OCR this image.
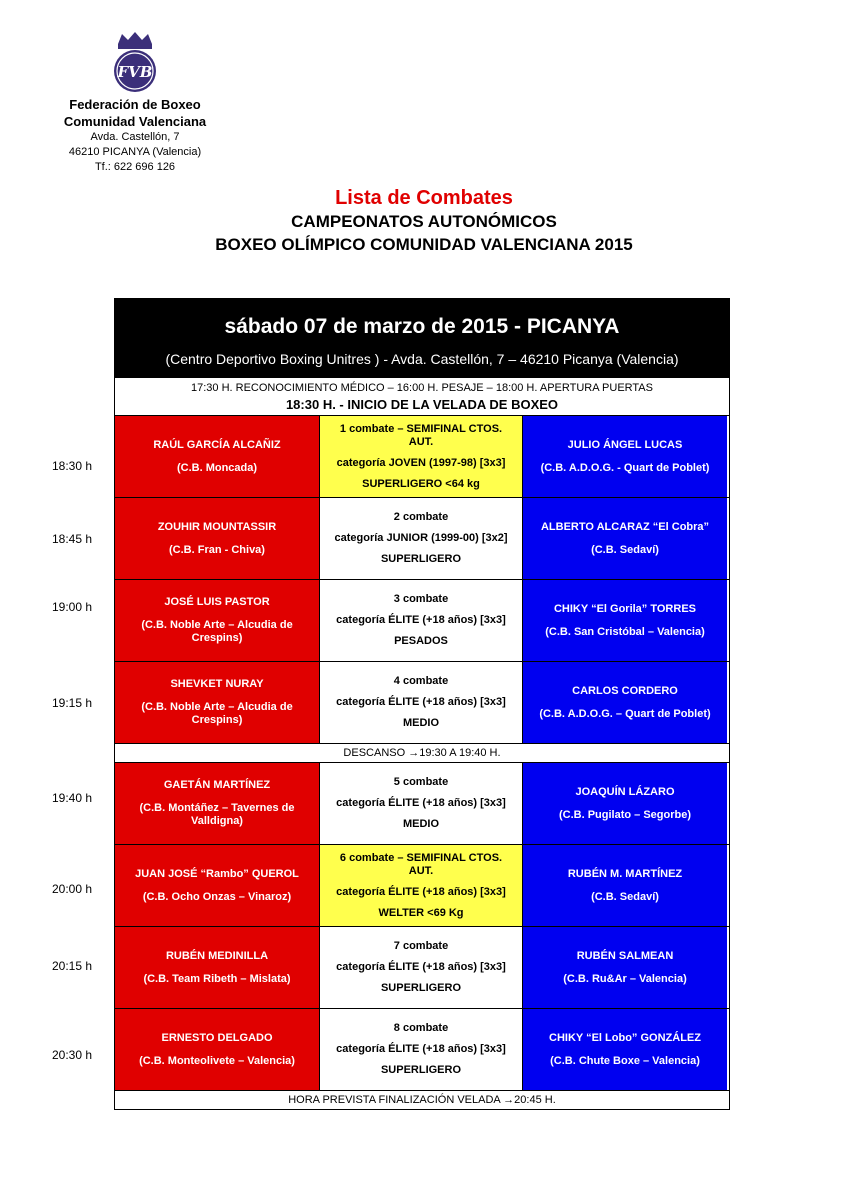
FVB
Federación de Boxeo
Comunidad Valenciana
Avda. Castellón, 7
46210 PICANYA (Valencia)
Tf.: 622 696 126
Lista de Combates
CAMPEONATOS AUTONÓMICOS
BOXEO OLÍMPICO COMUNIDAD VALENCIANA 2015
sábado 07 de marzo de 2015 - PICANYA
(Centro Deportivo Boxing Unitres ) - Avda. Castellón, 7 – 46210 Picanya (Valencia)
17:30 H. RECONOCIMIENTO MÉDICO – 16:00 H. PESAJE – 18:00 H. APERTURA PUERTAS
18:30 H. - INICIO DE LA VELADA DE BOXEO
RAÚL GARCÍA ALCAÑIZ
(C.B. Moncada)
1 combate – SEMIFINAL CTOS. AUT.
categoría JOVEN (1997-98) [3x3]
SUPERLIGERO <64 kg
JULIO ÁNGEL LUCAS
(C.B. A.D.O.G. - Quart de Poblet)
ZOUHIR MOUNTASSIR
(C.B. Fran - Chiva)
2 combate
categoría JUNIOR (1999-00) [3x2]
SUPERLIGERO
ALBERTO ALCARAZ “El Cobra”
(C.B. Sedaví)
JOSÉ LUIS PASTOR
(C.B. Noble Arte – Alcudia de Crespins)
3 combate
categoría ÉLITE (+18 años) [3x3]
PESADOS
CHIKY “El Gorila” TORRES
(C.B. San Cristóbal – Valencia)
SHEVKET NURAY
(C.B. Noble Arte – Alcudia de Crespins)
4 combate
categoría ÉLITE (+18 años) [3x3]
MEDIO
CARLOS CORDERO
(C.B. A.D.O.G. – Quart de Poblet)
DESCANSO →19:30 A 19:40 H.
GAETÁN MARTÍNEZ
(C.B. Montáñez – Tavernes de Valldigna)
5 combate
categoría ÉLITE (+18 años) [3x3]
MEDIO
JOAQUÍN LÁZARO
(C.B. Pugilato – Segorbe)
JUAN JOSÉ “Rambo” QUEROL
(C.B. Ocho Onzas – Vinaroz)
6 combate – SEMIFINAL CTOS. AUT.
categoría ÉLITE (+18 años) [3x3]
WELTER <69 Kg
RUBÉN M. MARTÍNEZ
(C.B. Sedaví)
RUBÉN MEDINILLA
(C.B. Team Ribeth – Mislata)
7 combate
categoría ÉLITE (+18 años) [3x3]
SUPERLIGERO
RUBÉN SALMEAN
(C.B. Ru&Ar – Valencia)
ERNESTO DELGADO
(C.B. Monteolivete – Valencia)
8 combate
categoría ÉLITE (+18 años) [3x3]
SUPERLIGERO
CHIKY “El Lobo” GONZÁLEZ
(C.B. Chute Boxe – Valencia)
HORA PREVISTA FINALIZACIÓN VELADA →20:45 H.
18:30 h
18:45 h
19:00 h
19:15 h
19:40 h
20:00 h
20:15 h
20:30 h
